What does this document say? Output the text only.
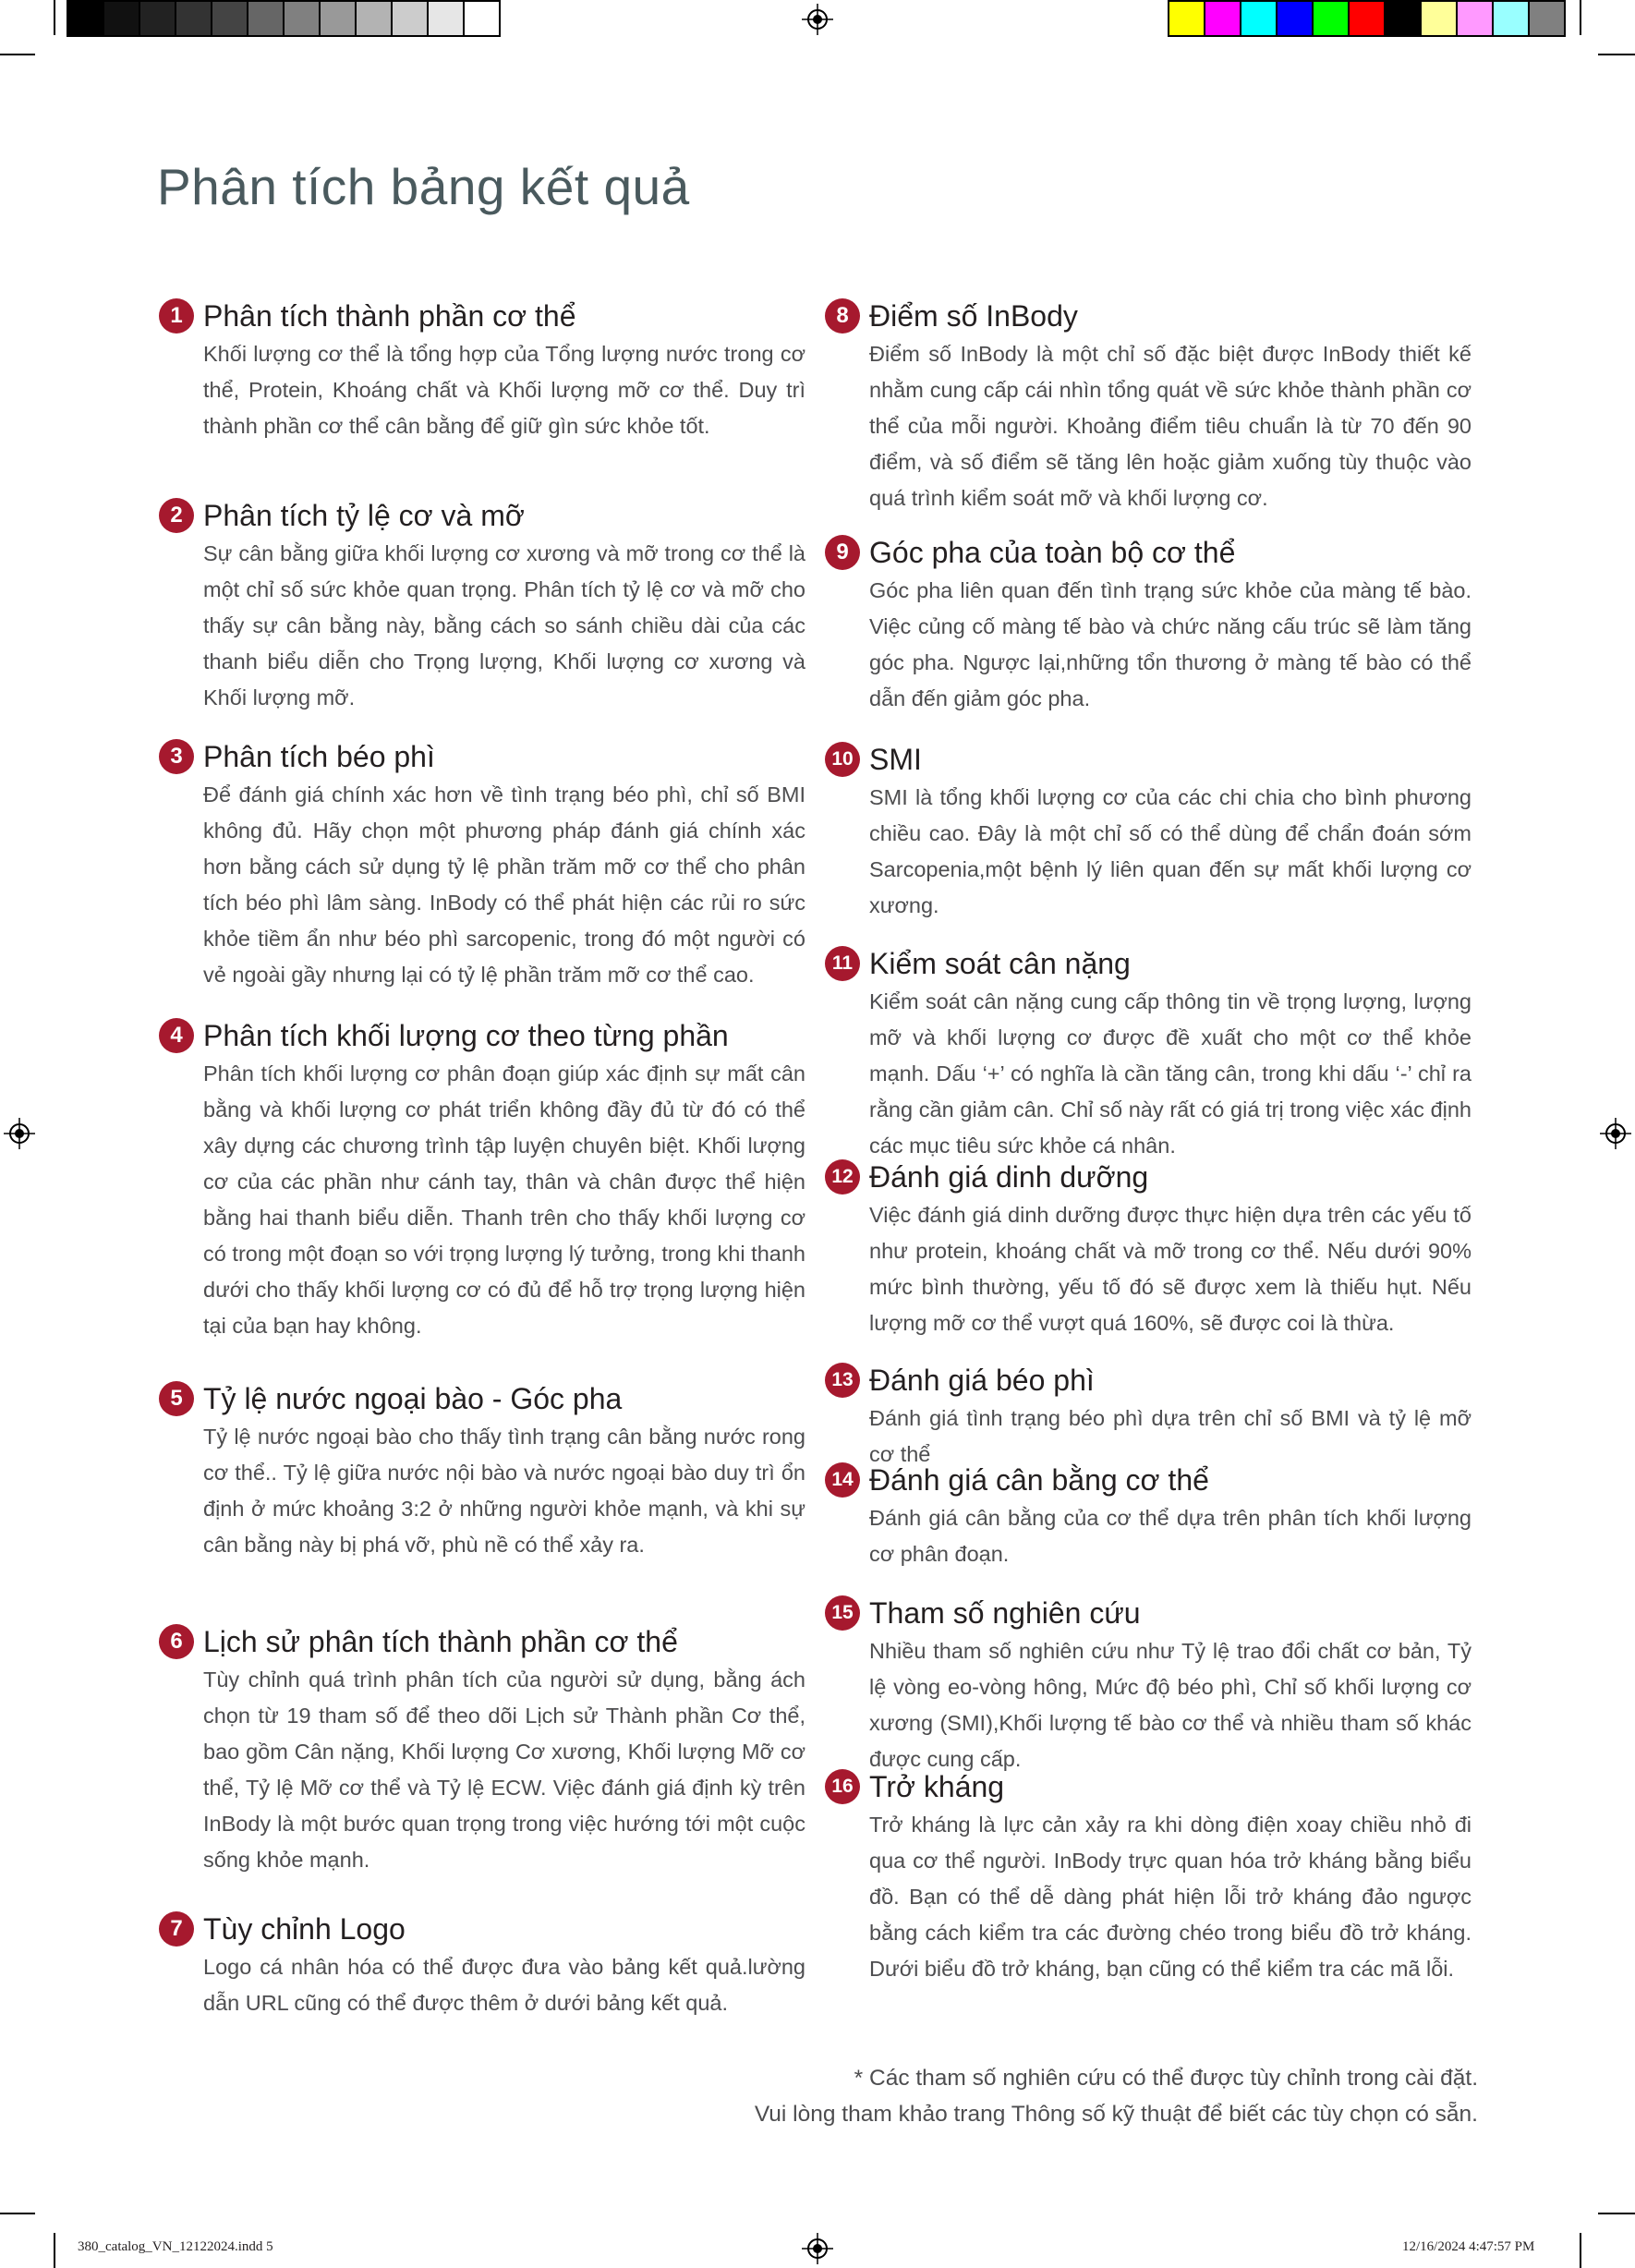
Phân tích bảng kết quả
1 Phân tích thành phần cơ thể
Khối lượng cơ thể là tổng hợp của Tổng lượng nước trong cơ thể, Protein, Khoáng chất và Khối lượng mỡ cơ thể. Duy trì thành phần cơ thể cân bằng để giữ gìn sức khỏe tốt.
2 Phân tích tỷ lệ cơ và mỡ
Sự cân bằng giữa khối lượng cơ xương và mỡ trong cơ thể là một chỉ số sức khỏe quan trọng. Phân tích tỷ lệ cơ và mỡ cho thấy sự cân bằng này, bằng cách so sánh chiều dài của các thanh biểu diễn cho Trọng lượng, Khối lượng cơ xương và Khối lượng mỡ.
3 Phân tích béo phì
Để đánh giá chính xác hơn về tình trạng béo phì, chỉ số BMI không đủ. Hãy chọn một phương pháp đánh giá chính xác hơn bằng cách sử dụng tỷ lệ phần trăm mỡ cơ thể cho phân tích béo phì lâm sàng. InBody có thể phát hiện các rủi ro sức khỏe tiềm ẩn như béo phì sarcopenic, trong đó một người có vẻ ngoài gầy nhưng lại có tỷ lệ phần trăm mỡ cơ thể cao.
4 Phân tích khối lượng cơ theo từng phần
Phân tích khối lượng cơ phân đoạn giúp xác định sự mất cân bằng và khối lượng cơ phát triển không đầy đủ từ đó có thể xây dựng các chương trình tập luyện chuyên biệt. Khối lượng cơ của các phần như cánh tay, thân và chân được thể hiện bằng hai thanh biểu diễn. Thanh trên cho thấy khối lượng cơ có trong một đoạn so với trọng lượng lý tưởng, trong khi thanh dưới cho thấy khối lượng cơ có đủ để hỗ trợ trọng lượng hiện tại của bạn hay không.
5 Tỷ lệ nước ngoại bào - Góc pha
Tỷ lệ nước ngoại bào cho thấy tình trạng cân bằng nước rong cơ thể.. Tỷ lệ giữa nước nội bào và nước ngoại bào duy trì ổn định ở mức khoảng 3:2 ở những người khỏe mạnh, và khi sự cân bằng này bị phá vỡ, phù nề có thể xảy ra.
6 Lịch sử phân tích thành phần cơ thể
Tùy chỉnh quá trình phân tích của người sử dụng, bằng ách chọn từ 19 tham số để theo dõi Lịch sử Thành phần Cơ thể, bao gồm Cân nặng, Khối lượng Cơ xương, Khối lượng Mỡ cơ thể, Tỷ lệ Mỡ cơ thể và Tỷ lệ ECW. Việc đánh giá định kỳ trên InBody là một bước quan trọng trong việc hướng tới một cuộc sống khỏe mạnh.
7 Tùy chỉnh Logo
Logo cá nhân hóa có thể được đưa vào bảng kết quả.lường dẫn URL cũng có thể được thêm ở dưới bảng kết quả.
8 Điểm số InBody
Điểm số InBody là một chỉ số đặc biệt được InBody thiết kế nhằm cung cấp cái nhìn tổng quát về sức khỏe thành phần cơ thể của mỗi người. Khoảng điểm tiêu chuẩn là từ 70 đến 90 điểm, và số điểm sẽ tăng lên hoặc giảm xuống tùy thuộc vào quá trình kiểm soát mỡ và khối lượng cơ.
9 Góc pha của toàn bộ cơ thể
Góc pha liên quan đến tình trạng sức khỏe của màng tế bào. Việc củng cố màng tế bào và chức năng cấu trúc sẽ làm tăng góc pha. Ngược lại,những tổn thương ở màng tế bào có thể dẫn đến giảm góc pha.
10 SMI
SMI là tổng khối lượng cơ của các chi chia cho bình phương chiều cao. Đây là một chỉ số có thể dùng để chẩn đoán sớm Sarcopenia,một bệnh lý liên quan đến sự mất khối lượng cơ xương.
11 Kiểm soát cân nặng
Kiểm soát cân nặng cung cấp thông tin về trọng lượng, lượng mỡ và khối lượng cơ được đề xuất cho một cơ thể khỏe mạnh. Dấu ‘+’ có nghĩa là cần tăng cân, trong khi dấu ‘-’ chỉ ra rằng cần giảm cân. Chỉ số này rất có giá trị trong việc xác định các mục tiêu sức khỏe cá nhân.
12 Đánh giá dinh dưỡng
Việc đánh giá dinh dưỡng được thực hiện dựa trên các yếu tố như protein, khoáng chất và mỡ trong cơ thể. Nếu dưới 90% mức bình thường, yếu tố đó sẽ được xem là thiếu hụt. Nếu lượng mỡ cơ thể vượt quá 160%, sẽ được coi là thừa.
13 Đánh giá béo phì
Đánh giá tình trạng béo phì dựa trên chỉ số BMI và tỷ lệ mỡ cơ thể
14 Đánh giá cân bằng cơ thể
Đánh giá cân bằng của cơ thể dựa trên phân tích khối lượng cơ phân đoạn.
15 Tham số nghiên cứu
Nhiều tham số nghiên cứu như Tỷ lệ trao đổi chất cơ bản, Tỷ lệ vòng eo-vòng hông, Mức độ béo phì, Chỉ số khối lượng cơ xương (SMI),Khối lượng tế bào cơ thể và nhiều tham số khác được cung cấp.
16 Trở kháng
Trở kháng là lực cản xảy ra khi dòng điện xoay chiều nhỏ đi qua cơ thể người. InBody trực quan hóa trở kháng bằng biểu đồ. Bạn có thể dễ dàng phát hiện lỗi trở kháng đảo ngược bằng cách kiểm tra các đường chéo trong biểu đồ trở kháng. Dưới biểu đồ trở kháng, bạn cũng có thể kiểm tra các mã lỗi.
* Các tham số nghiên cứu có thể được tùy chỉnh trong cài đặt.
Vui lòng tham khảo trang Thông số kỹ thuật để biết các tùy chọn có sẵn.
380_catalog_VN_12122024.indd 5	12/16/2024 4:47:57 PM
